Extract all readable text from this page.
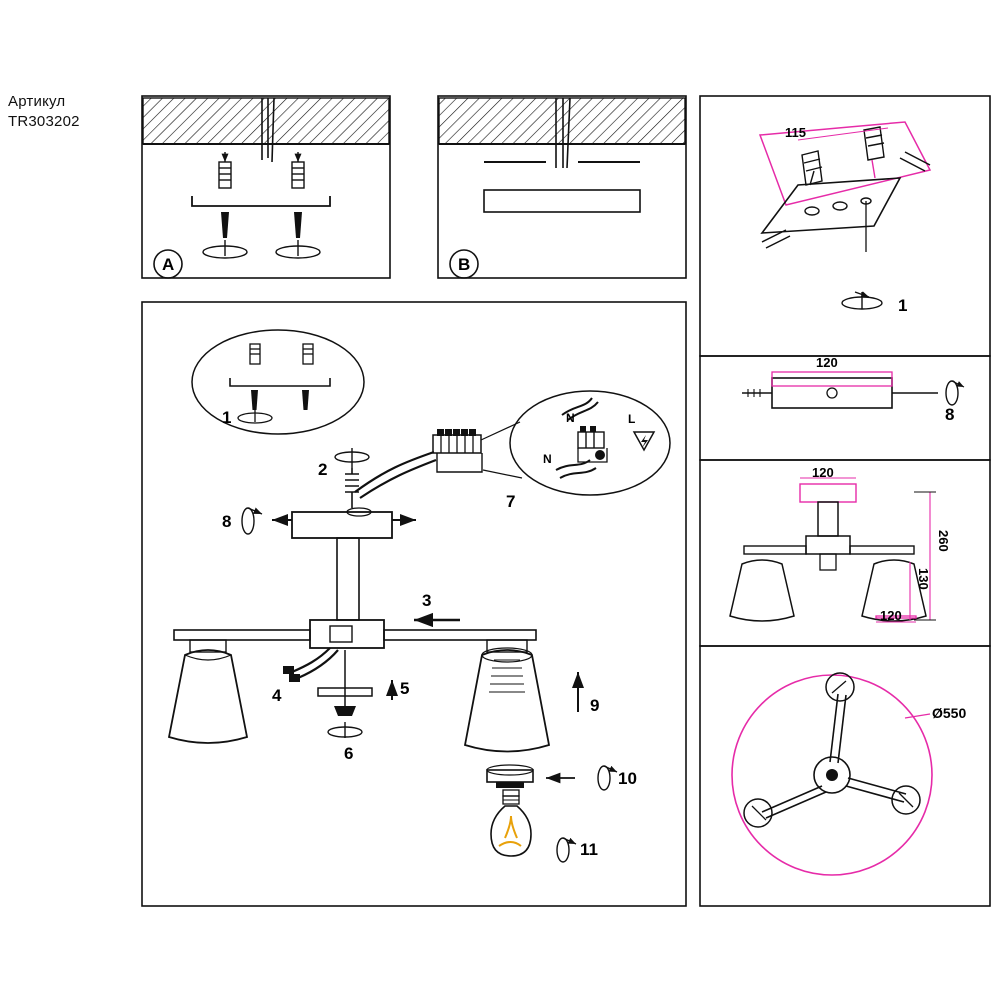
Артикул
TR303202
A	B
1
2
3
4	5
6
7
8
9
10
11
1
115
120
8
120
120
260
130
Ø550
N	L
N
